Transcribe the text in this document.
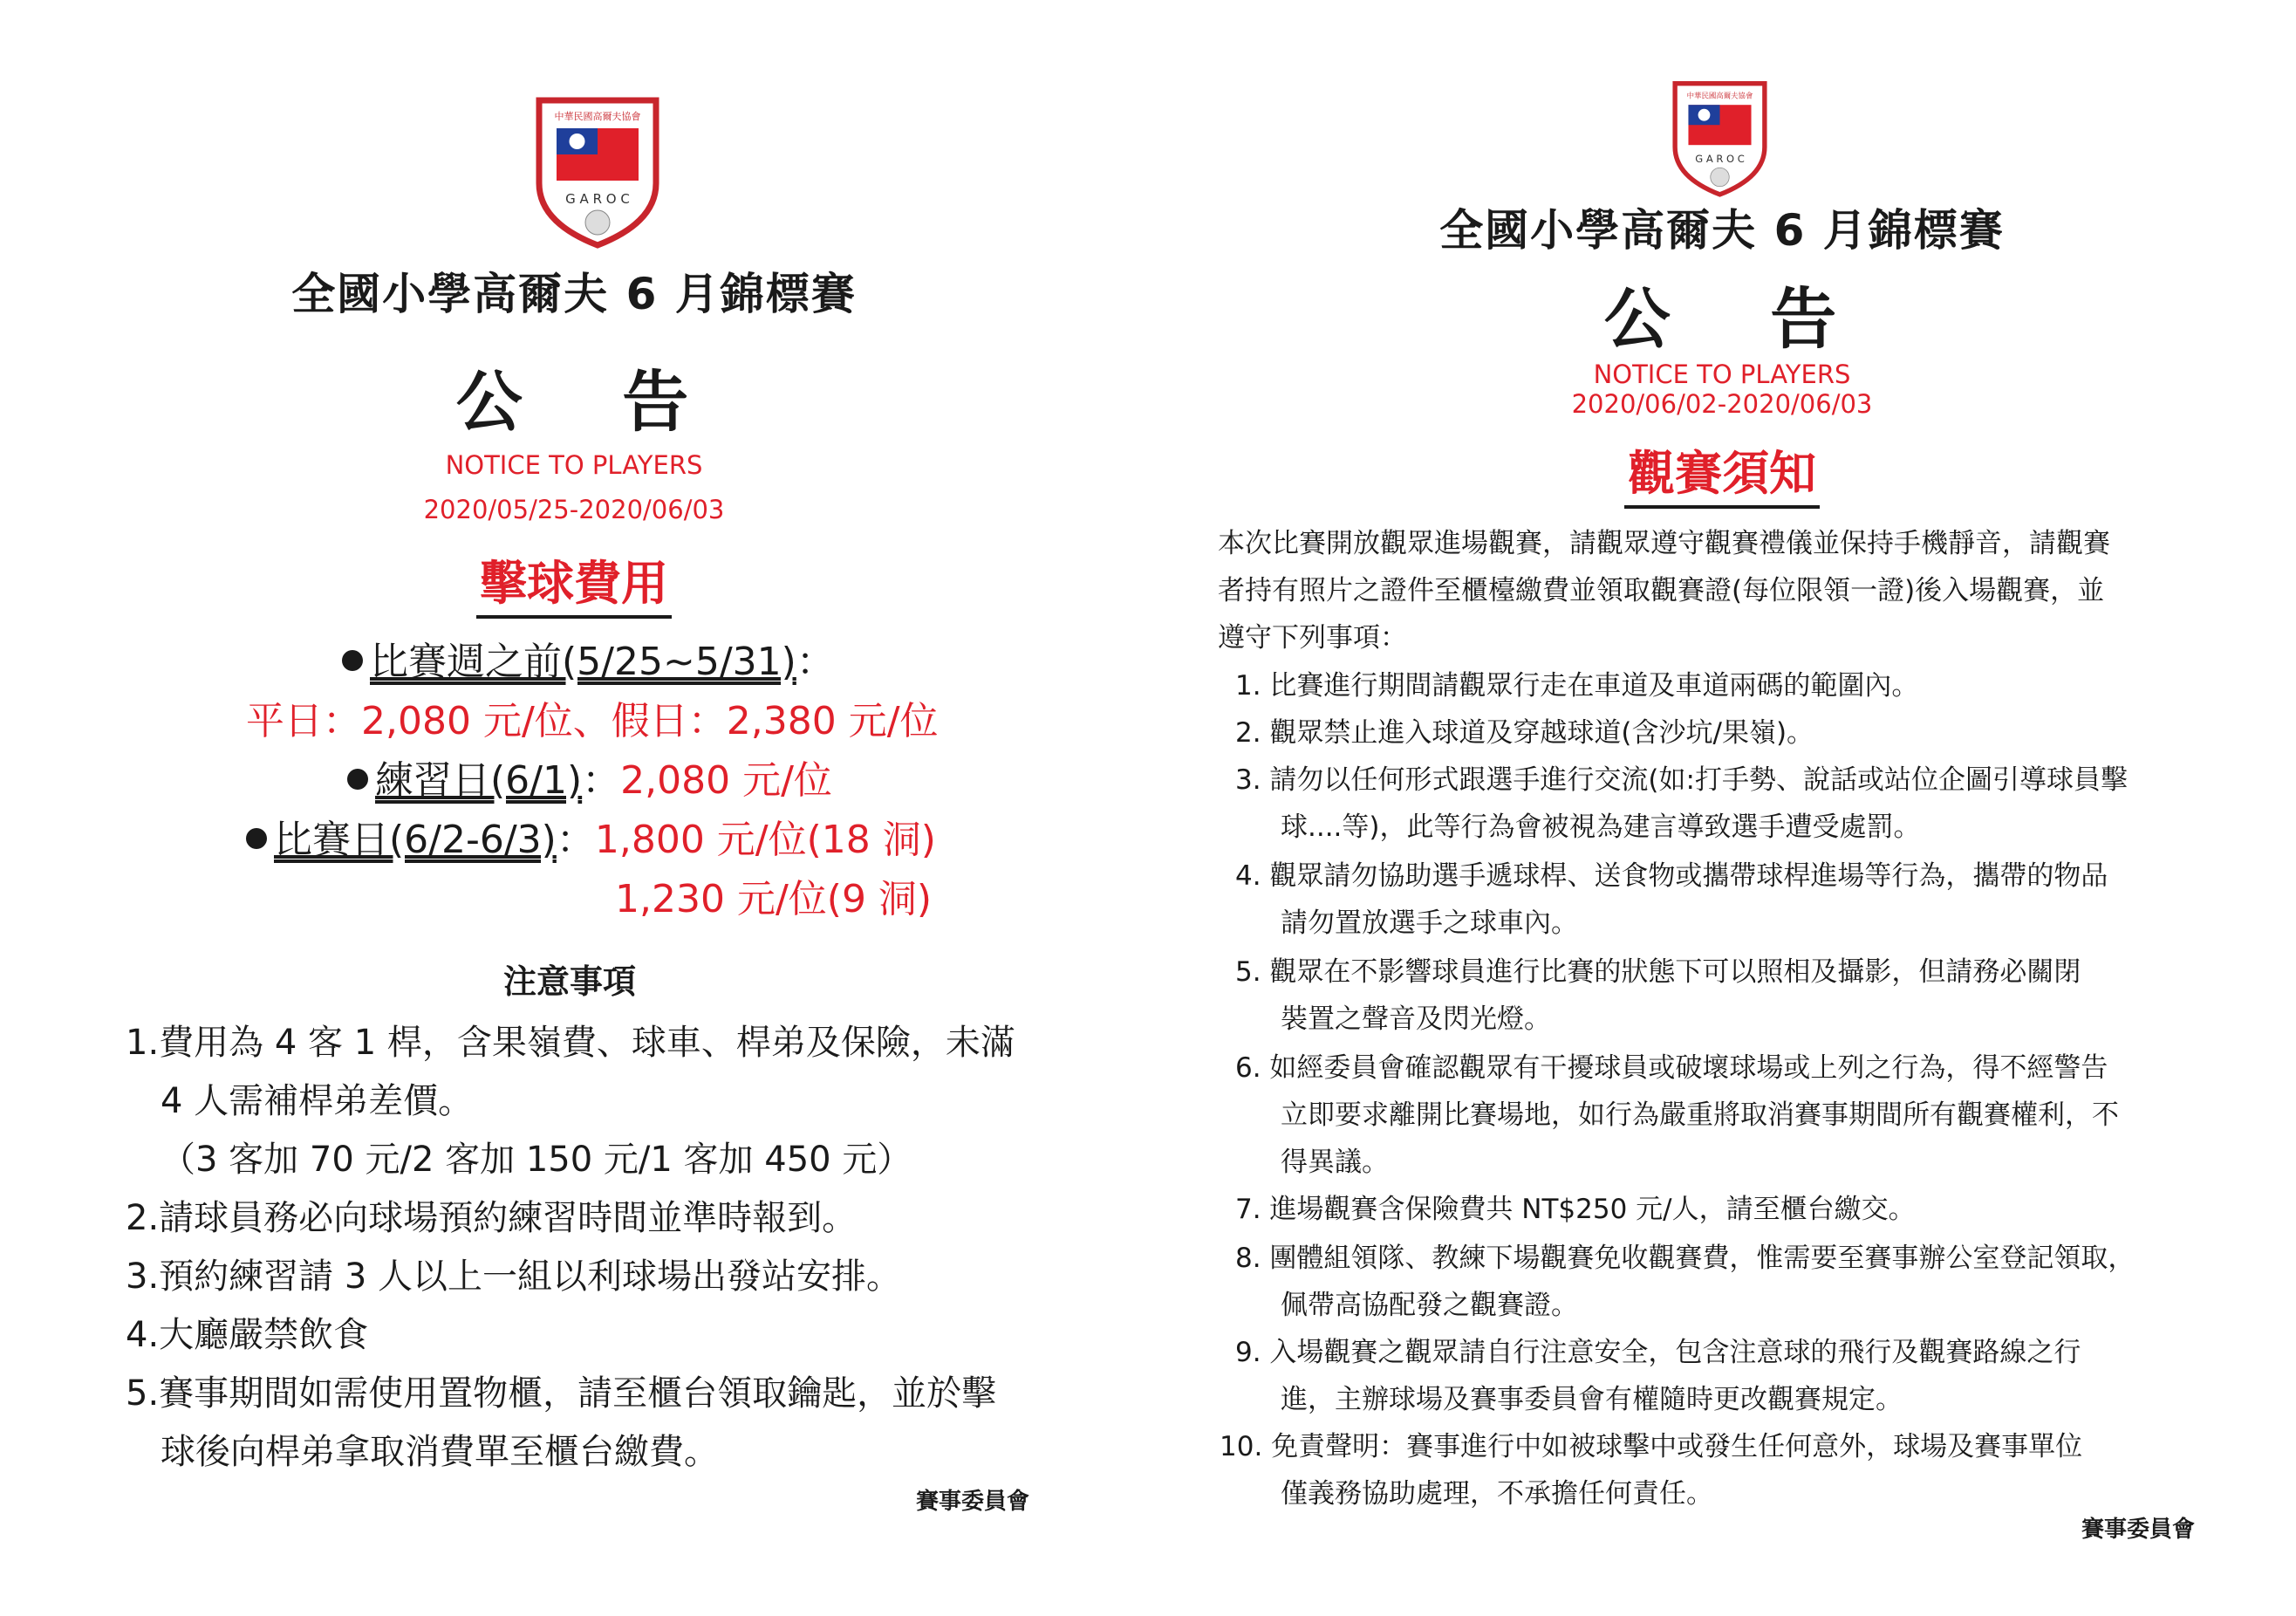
中華民國高爾夫協會
G A R O C
全國小學高爾夫 6 月錦標賽
公 告
NOTICE TO PLAYERS
2020/05/25-2020/06/03
擊球費用
比賽週之前(5/25~5/31)：
平日：2,080 元/位、假日：2,380 元/位
練習日(6/1)：2,080 元/位
比賽日(6/2-6/3)：1,800 元/位(18 洞)
1,230 元/位(9 洞)
注意事項
1.費用為 4 客 1 桿，含果嶺費、球車、桿弟及保險，未滿
4 人需補桿弟差價。
（3 客加 70 元/2 客加 150 元/1 客加 450 元）
2.請球員務必向球場預約練習時間並準時報到。
3.預約練習請 3 人以上一組以利球場出發站安排。
4.大廳嚴禁飲食
5.賽事期間如需使用置物櫃，請至櫃台領取鑰匙，並於擊
球後向桿弟拿取消費單至櫃台繳費。
賽事委員會
中華民國高爾夫協會
G A R O C
全國小學高爾夫 6 月錦標賽
公 告
NOTICE TO PLAYERS
2020/06/02-2020/06/03
觀賽須知
本次比賽開放觀眾進場觀賽，請觀眾遵守觀賽禮儀並保持手機靜音，請觀賽
者持有照片之證件至櫃檯繳費並領取觀賽證(每位限領一證)後入場觀賽，並
遵守下列事項：
1. 比賽進行期間請觀眾行走在車道及車道兩碼的範圍內。
2. 觀眾禁止進入球道及穿越球道(含沙坑/果嶺)。
3. 請勿以任何形式跟選手進行交流(如:打手勢、說話或站位企圖引導球員擊
球....等)，此等行為會被視為建言導致選手遭受處罰。
4. 觀眾請勿協助選手遞球桿、送食物或攜帶球桿進場等行為，攜帶的物品
請勿置放選手之球車內。
5. 觀眾在不影響球員進行比賽的狀態下可以照相及攝影，但請務必關閉
裝置之聲音及閃光燈。
6. 如經委員會確認觀眾有干擾球員或破壞球場或上列之行為，得不經警告
立即要求離開比賽場地，如行為嚴重將取消賽事期間所有觀賽權利，不
得異議。
7. 進場觀賽含保險費共 NT$250 元/人，請至櫃台繳交。
8. 團體組領隊、教練下場觀賽免收觀賽費，惟需要至賽事辦公室登記領取，
佩帶高協配發之觀賽證。
9. 入場觀賽之觀眾請自行注意安全，包含注意球的飛行及觀賽路線之行
進，主辦球場及賽事委員會有權隨時更改觀賽規定。
10. 免責聲明：賽事進行中如被球擊中或發生任何意外，球場及賽事單位
僅義務協助處理，不承擔任何責任。
賽事委員會
